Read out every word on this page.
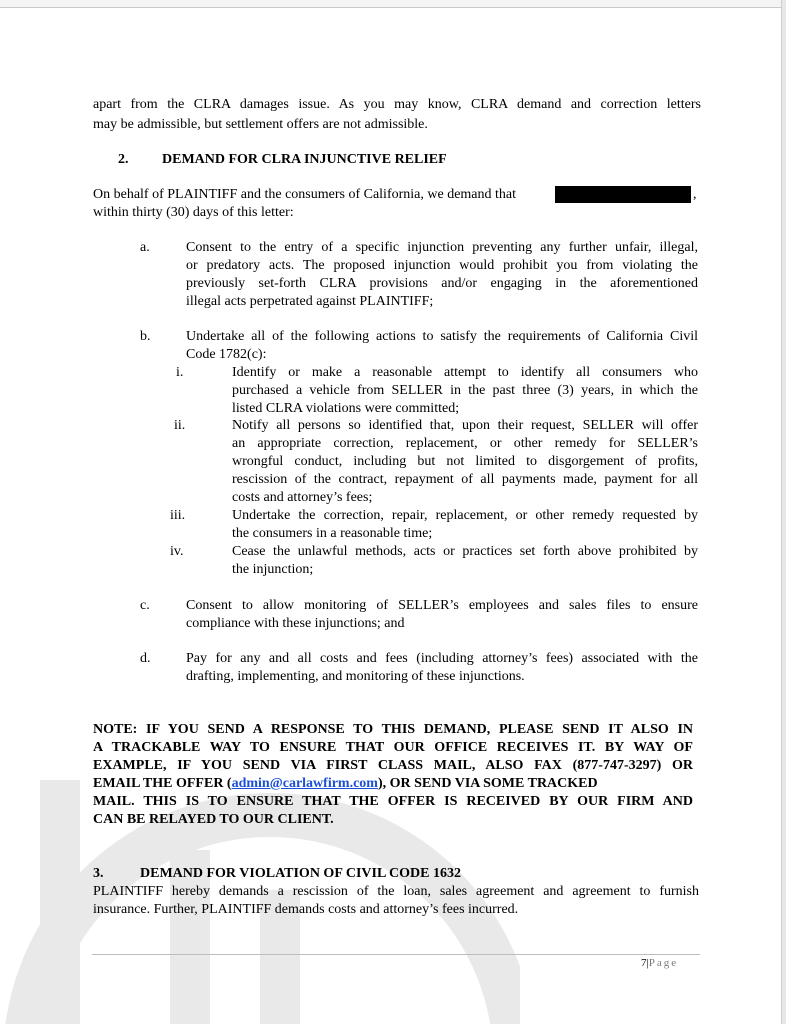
apart from the CLRA damages issue. As you may know, CLRA demand and correction letters
may be admissible, but settlement offers are not admissible.
2. DEMAND FOR CLRA INJUNCTIVE RELIEF
On behalf of PLAINTIFF and the consumers of California, we demand that	,
within thirty (30) days of this letter:
a.	Consent to the entry of a specific injunction preventing any further unfair, illegal,
or predatory acts. The proposed injunction would prohibit you from violating the
previously set-forth CLRA provisions and/or engaging in the aforementioned
illegal acts perpetrated against PLAINTIFF;
b.	Undertake all of the following actions to satisfy the requirements of California Civil
Code 1782(c):
i.	Identify or make a reasonable attempt to identify all consumers who
purchased a vehicle from SELLER in the past three (3) years, in which the
listed CLRA violations were committed;
ii.	Notify all persons so identified that, upon their request, SELLER will offer
an appropriate correction, replacement, or other remedy for SELLER’s
wrongful conduct, including but not limited to disgorgement of profits,
rescission of the contract, repayment of all payments made, payment for all
costs and attorney’s fees;
iii.	Undertake the correction, repair, replacement, or other remedy requested by
the consumers in a reasonable time;
iv.	Cease the unlawful methods, acts or practices set forth above prohibited by
the injunction;
c.	Consent to allow monitoring of SELLER’s employees and sales files to ensure
compliance with these injunctions; and
d.	Pay for any and all costs and fees (including attorney’s fees) associated with the
drafting, implementing, and monitoring of these injunctions.
NOTE: IF YOU SEND A RESPONSE TO THIS DEMAND, PLEASE SEND IT ALSO IN
A TRACKABLE WAY TO ENSURE THAT OUR OFFICE RECEIVES IT. BY WAY OF
EXAMPLE, IF YOU SEND VIA FIRST CLASS MAIL, ALSO FAX (877-747-3297) OR
EMAIL THE OFFER (admin@carlawfirm.com), OR SEND VIA SOME TRACKED
MAIL. THIS IS TO ENSURE THAT THE OFFER IS RECEIVED BY OUR FIRM AND
CAN BE RELAYED TO OUR CLIENT.
3.	DEMAND FOR VIOLATION OF CIVIL CODE 1632
PLAINTIFF hereby demands a rescission of the loan, sales agreement and agreement to furnish
insurance. Further, PLAINTIFF demands costs and attorney’s fees incurred.
7|Page
